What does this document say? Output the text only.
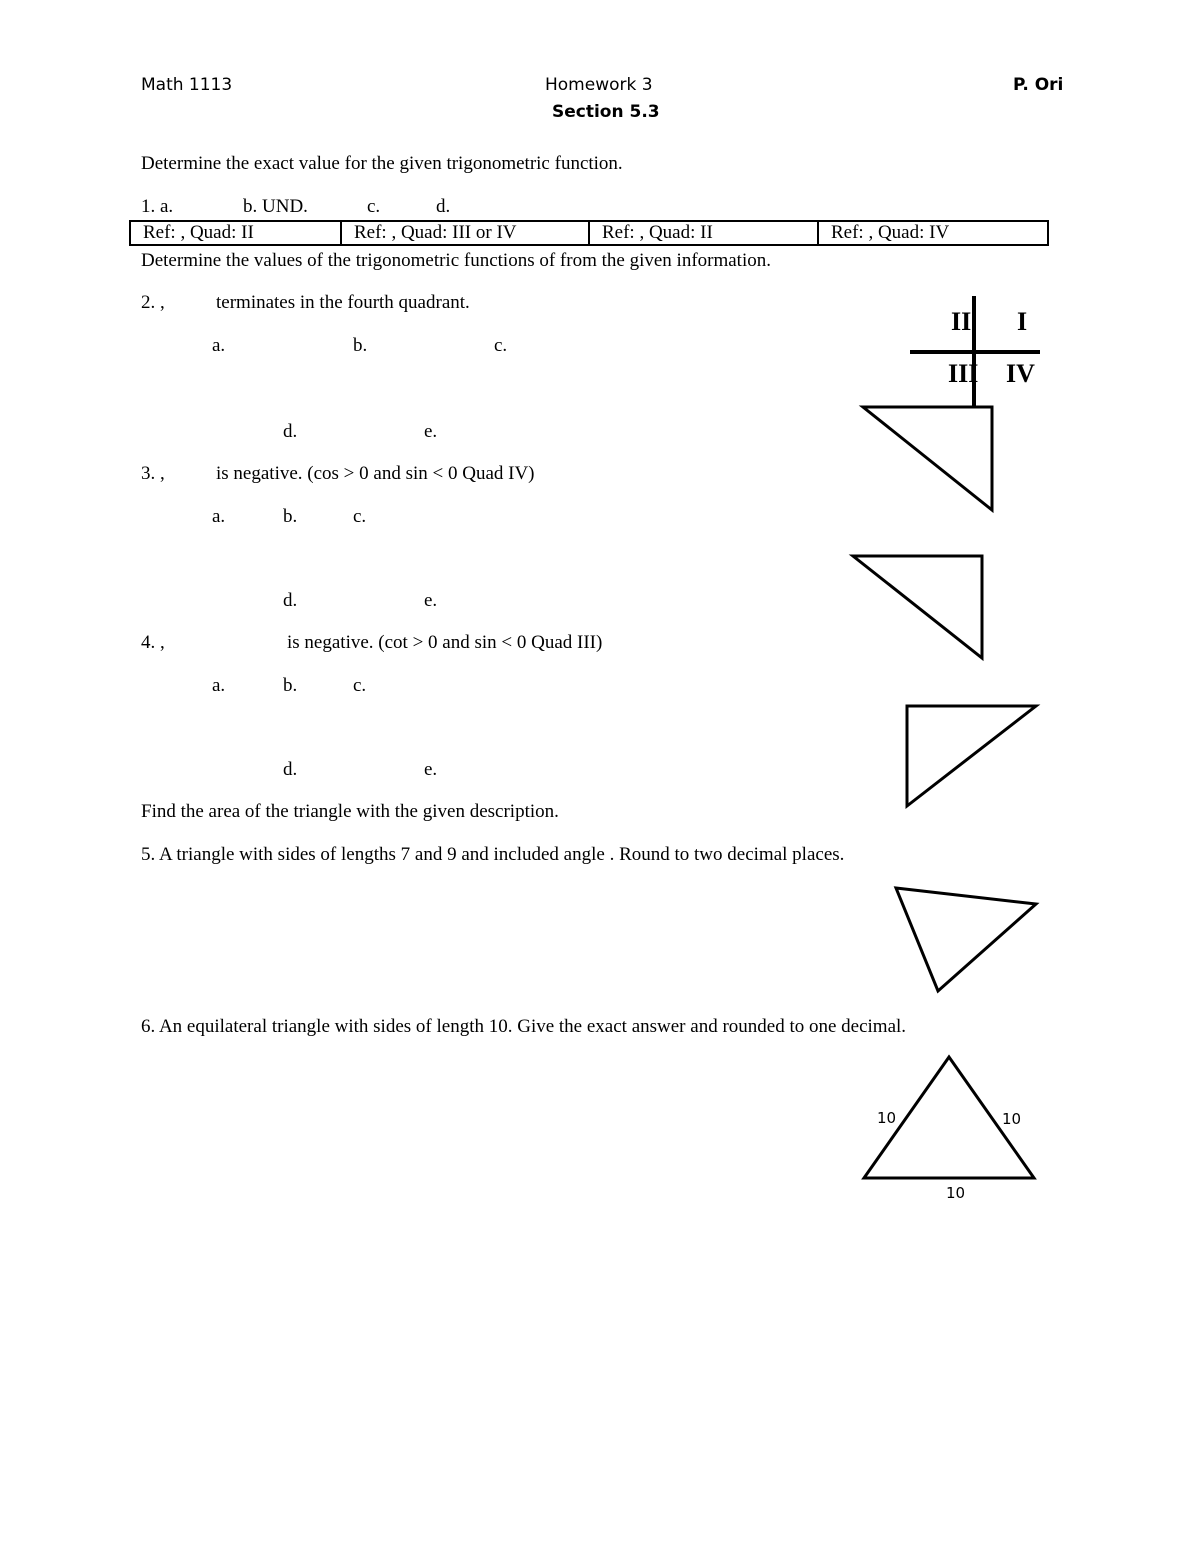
Math 1113	Homework 3	P. Ori
Section 5.3
Determine the exact value for the given trigonometric function.
1. a.	b. UND.	c.	d.
Ref: , Quad: II	Ref: , Quad: III or IV	Ref: , Quad: II	Ref: , Quad: IV
Determine the values of the trigonometric functions of from the given information.
2. ,	terminates in the fourth quadrant.
a.	b.	c.
d.	e.
3. ,	is negative. (cos > 0 and sin < 0 Quad IV)
a.	b.	c.
d.	e.
4. ,	is negative. (cot > 0 and sin < 0 Quad III)
a.	b.	c.
d.	e.
Find the area of the triangle with the given description.
5. A triangle with sides of lengths 7 and 9 and included angle . Round to two decimal places.
6. An equilateral triangle with sides of length 10. Give the exact answer and rounded to one decimal.
II I
III IV
10	10
10
